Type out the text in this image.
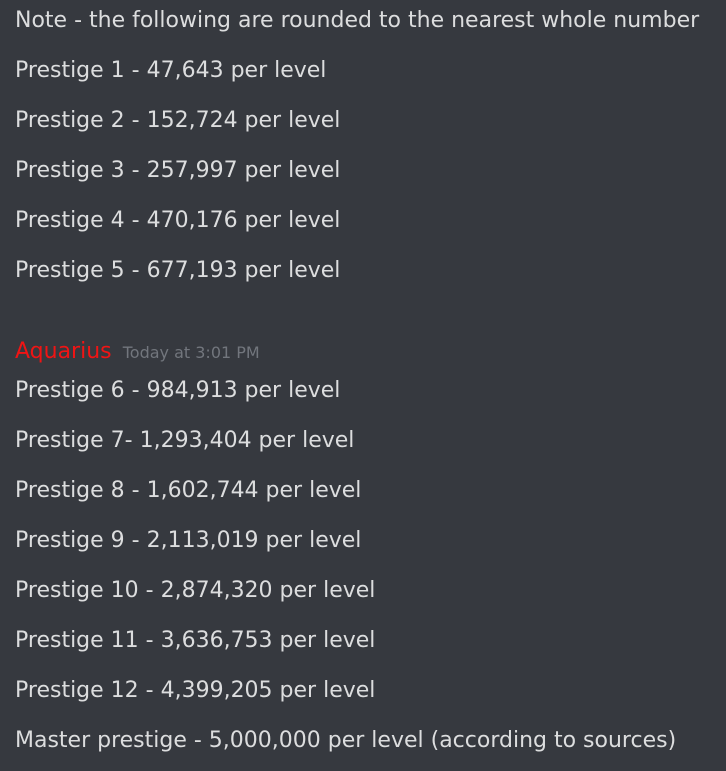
Note - the following are rounded to the nearest whole number
Prestige 1 - 47,643 per level
Prestige 2 - 152,724 per level
Prestige 3 - 257,997 per level
Prestige 4 - 470,176 per level
Prestige 5 - 677,193 per level
Aquarius Today at 3:01 PM
Prestige 6 - 984,913 per level
Prestige 7- 1,293,404 per level
Prestige 8 - 1,602,744 per level
Prestige 9 - 2,113,019 per level
Prestige 10 - 2,874,320 per level
Prestige 11 - 3,636,753 per level
Prestige 12 - 4,399,205 per level
Master prestige - 5,000,000 per level (according to sources)
